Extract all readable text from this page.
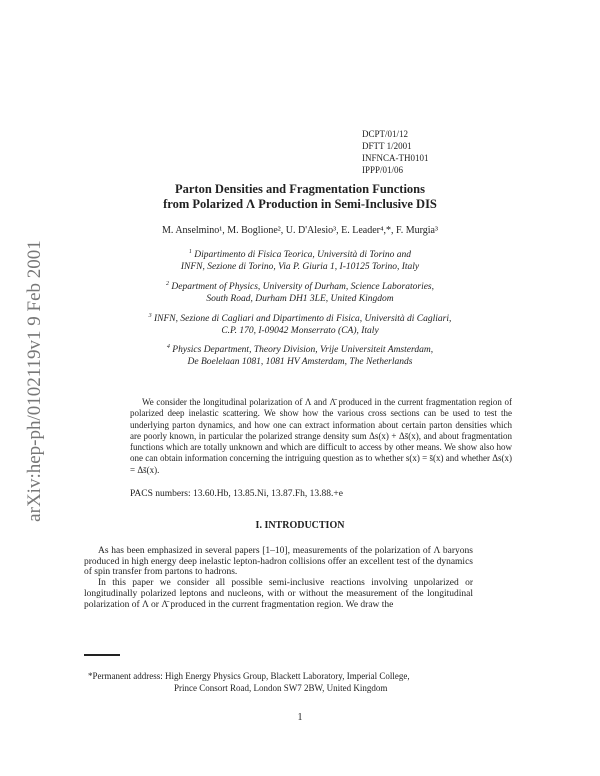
arXiv:hep-ph/0102119v1 9 Feb 2001
DCPT/01/12
DFTT 1/2001
INFNCA-TH0101
IPPP/01/06
Parton Densities and Fragmentation Functions
from Polarized Λ Production in Semi-Inclusive DIS
M. Anselmino¹, M. Boglione², U. D'Alesio³, E. Leader⁴,*, F. Murgia³
$^1$ Dipartimento di Fisica Teorica, Università di Torino and
INFN, Sezione di Torino, Via P. Giuria 1, I-10125 Torino, Italy
$^2$ Department of Physics, University of Durham, Science Laboratories,
South Road, Durham DH1 3LE, United Kingdom
$^3$ INFN, Sezione di Cagliari and Dipartimento di Fisica, Università di Cagliari,
C.P. 170, I-09042 Monserrato (CA), Italy
$^4$ Physics Department, Theory Division, Vrije Universiteit Amsterdam,
De Boelelaan 1081, 1081 HV Amsterdam, The Netherlands
We consider the longitudinal polarization of Λ and Λ̄ produced in the current fragmentation region of polarized deep inelastic scattering. We show how the various cross sections can be used to test the underlying parton dynamics, and how one can extract information about certain parton densities which are poorly known, in particular the polarized strange density sum Δs(x) + Δs̄(x), and about fragmentation functions which are totally unknown and which are difficult to access by other means. We show also how one can obtain information concerning the intriguing question as to whether s(x) = s̄(x) and whether Δs(x) = Δs̄(x).
PACS numbers: 13.60.Hb, 13.85.Ni, 13.87.Fh, 13.88.+e
I. INTRODUCTION

As has been emphasized in several papers [1–10], measurements of the polarization of Λ baryons produced in high energy deep inelastic lepton-hadron collisions offer an excellent test of the dynamics of spin transfer from partons to hadrons.

In this paper we consider all possible semi-inclusive reactions involving unpolarized or longitudinally polarized leptons and nucleons, with or without the measurement of the longitudinal polarization of Λ or Λ̄ produced in the current fragmentation region. We draw the

*Permanent address: High Energy Physics Group, Blackett Laboratory, Imperial College,
Prince Consort Road, London SW7 2BW, United Kingdom
1
